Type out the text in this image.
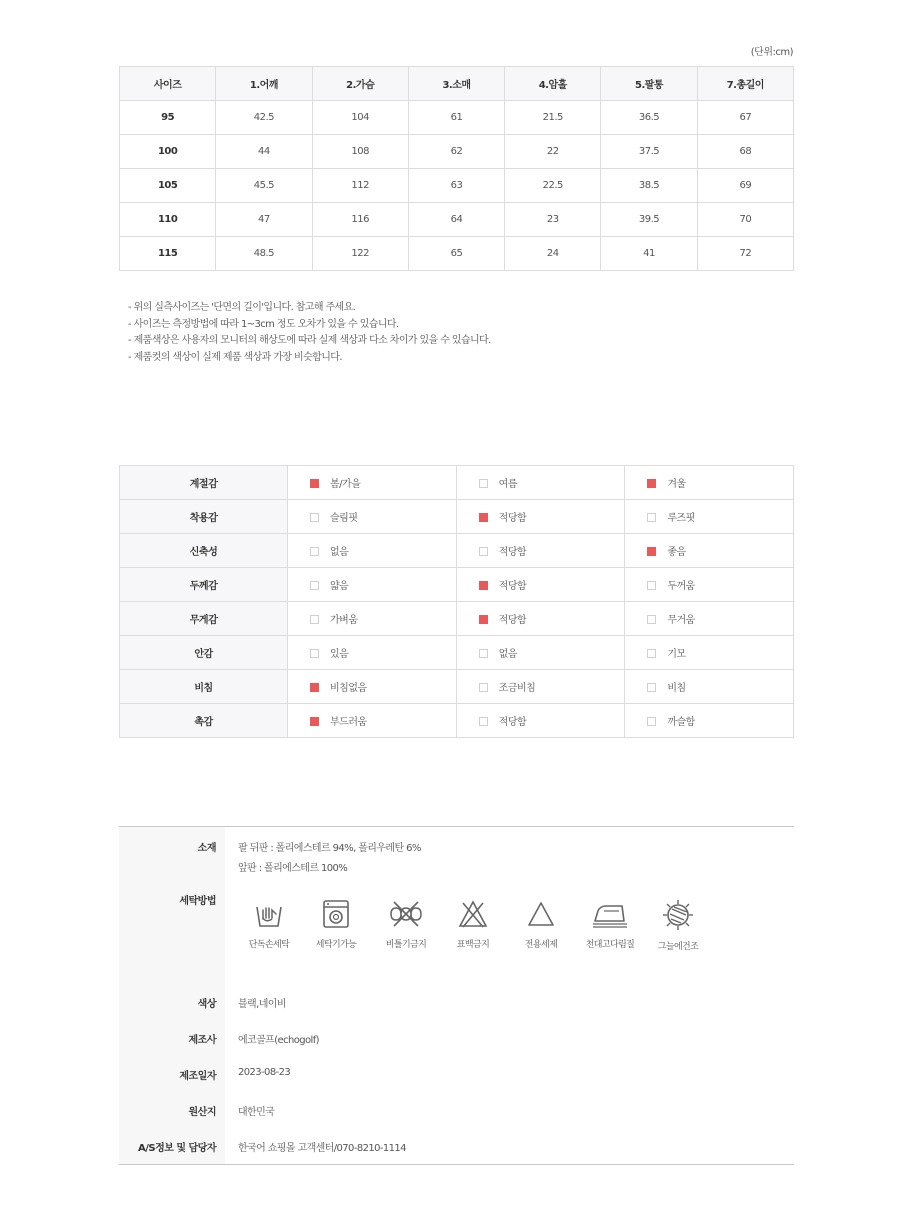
(단위:cm)
사이즈	1.어깨	2.가슴	3.소매	4.암홀	5.팔통	7.총길이
95	42.5	104	61	21.5	36.5	67
100	44	108	62	22	37.5	68
105	45.5	112	63	22.5	38.5	69
110	47	116	64	23	39.5	70
115	48.5	122	65	24	41	72
- 위의 실측사이즈는 '단면의 길이'입니다. 참고해 주세요.
- 사이즈는 측정방법에 따라 1~3cm 정도 오차가 있을 수 있습니다.
- 제품색상은 사용자의 모니터의 해상도에 따라 실제 색상과 다소 차이가 있을 수 있습니다.
- 제품컷의 색상이 실제 제품 색상과 가장 비슷합니다.
계절감	봄/가을	여름	겨울
착용감	슬림핏	적당함	루즈핏
신축성	없음	적당함	좋음
두께감	얇음	적당함	두꺼움
무게감	가벼움	적당함	무거움
안감	있음	없음	기모
비침	비침없음	조금비침	비침
촉감	부드러움	적당함	까슬함
소재 팔 뒤판 : 폴리에스테르 94%, 폴리우레탄 6%
앞판 : 폴리에스테르 100%
세탁방법
단독손세탁	세탁기가능	비틀기금지	표백금지	전용세제	천대고다림질	그늘에건조
색상 블랙,네이비
제조사 에코골프(echogolf)
제조일자 2023-08-23
원산지 대한민국
A/S정보 및 담당자 한국어 쇼핑몰 고객센터/070-8210-1114
